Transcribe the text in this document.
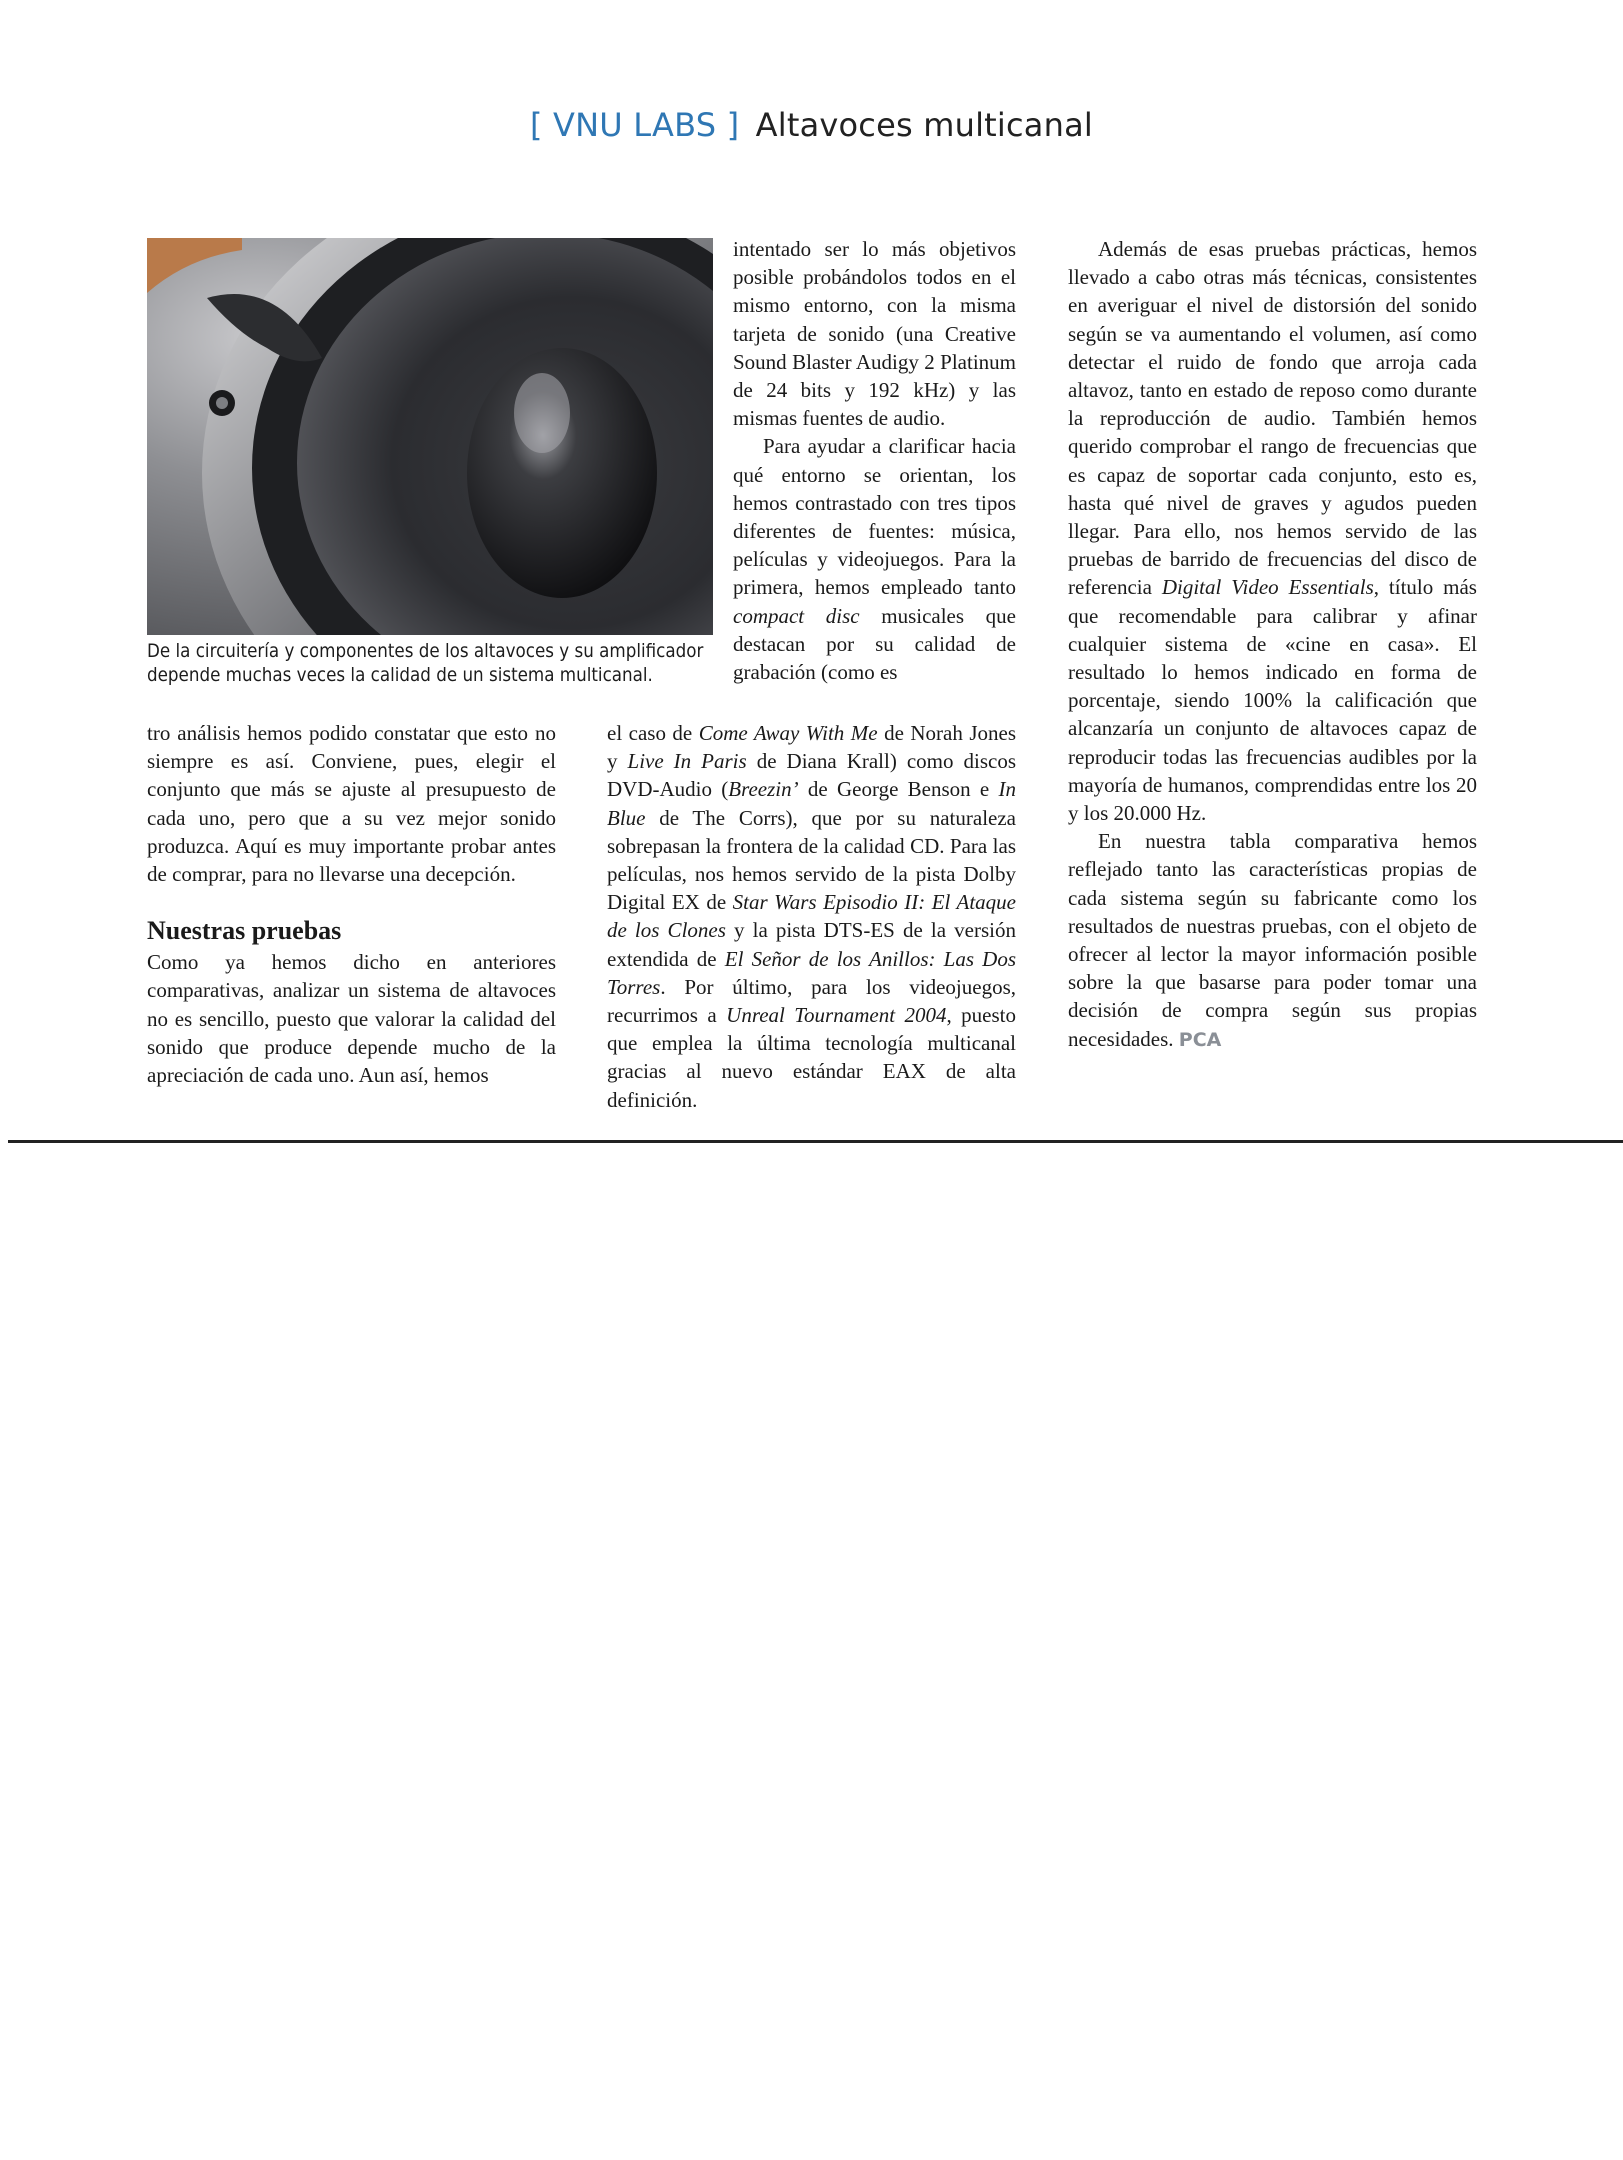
[ VNU LABS ] Altavoces multicanal
De la circuitería y componentes de los altavoces y su amplificador
depende muchas veces la calidad de un sistema multicanal.

tro análisis hemos podido constatar que esto no siempre es así. Conviene, pues, elegir el conjunto que más se ajuste al presupuesto de cada uno, pero que a su vez mejor sonido produzca. Aquí es muy importante probar antes de comprar, para no llevarse una decepción.

Nuestras pruebas

Como ya hemos dicho en anteriores comparativas, analizar un sistema de altavoces no es sencillo, puesto que valorar la calidad del sonido que produce depende mucho de la apreciación de cada uno. Aun así, hemos

intentado ser lo más objetivos posible probándolos todos en el mismo entorno, con la misma tarjeta de sonido (una Creative Sound Blaster Audigy 2 Platinum de 24 bits y 192 kHz) y las mismas fuentes de audio.

Para ayudar a clarificar hacia qué entorno se orientan, los hemos contrastado con tres tipos diferentes de fuentes: música, películas y videojuegos. Para la primera, hemos empleado tanto compact disc musicales que destacan por su calidad de grabación (como es

el caso de Come Away With Me de Norah Jones y Live In Paris de Diana Krall) como discos DVD-Audio (Breezin’ de George Benson e In Blue de The Corrs), que por su naturaleza sobrepasan la frontera de la calidad CD. Para las películas, nos hemos servido de la pista Dolby Digital EX de Star Wars Episodio II: El Ataque de los Clones y la pista DTS-ES de la versión extendida de El Señor de los Anillos: Las Dos Torres. Por último, para los videojuegos, recurrimos a Unreal Tournament 2004, puesto que emplea la última tecnología multicanal gracias al nuevo estándar EAX de alta definición.

Además de esas pruebas prácticas, hemos llevado a cabo otras más técnicas, consistentes en averiguar el nivel de distorsión del sonido según se va aumentando el volumen, así como detectar el ruido de fondo que arroja cada altavoz, tanto en estado de reposo como durante la reproducción de audio. También hemos querido comprobar el rango de frecuencias que es capaz de soportar cada conjunto, esto es, hasta qué nivel de graves y agudos pueden llegar. Para ello, nos hemos servido de las pruebas de barrido de frecuencias del disco de referencia Digital Video Essentials, título más que recomendable para calibrar y afinar cualquier sistema de «cine en casa». El resultado lo hemos indicado en forma de porcentaje, siendo 100% la calificación que alcanzaría un conjunto de altavoces capaz de reproducir todas las frecuencias audibles por la mayoría de humanos, comprendidas entre los 20 y los 20.000 Hz.

En nuestra tabla comparativa hemos reflejado tanto las características propias de cada sistema según su fabricante como los resultados de nuestras pruebas, con el objeto de ofrecer al lector la mayor información posible sobre la que basarse para poder tomar una decisión de compra según sus propias necesidades. PCA
